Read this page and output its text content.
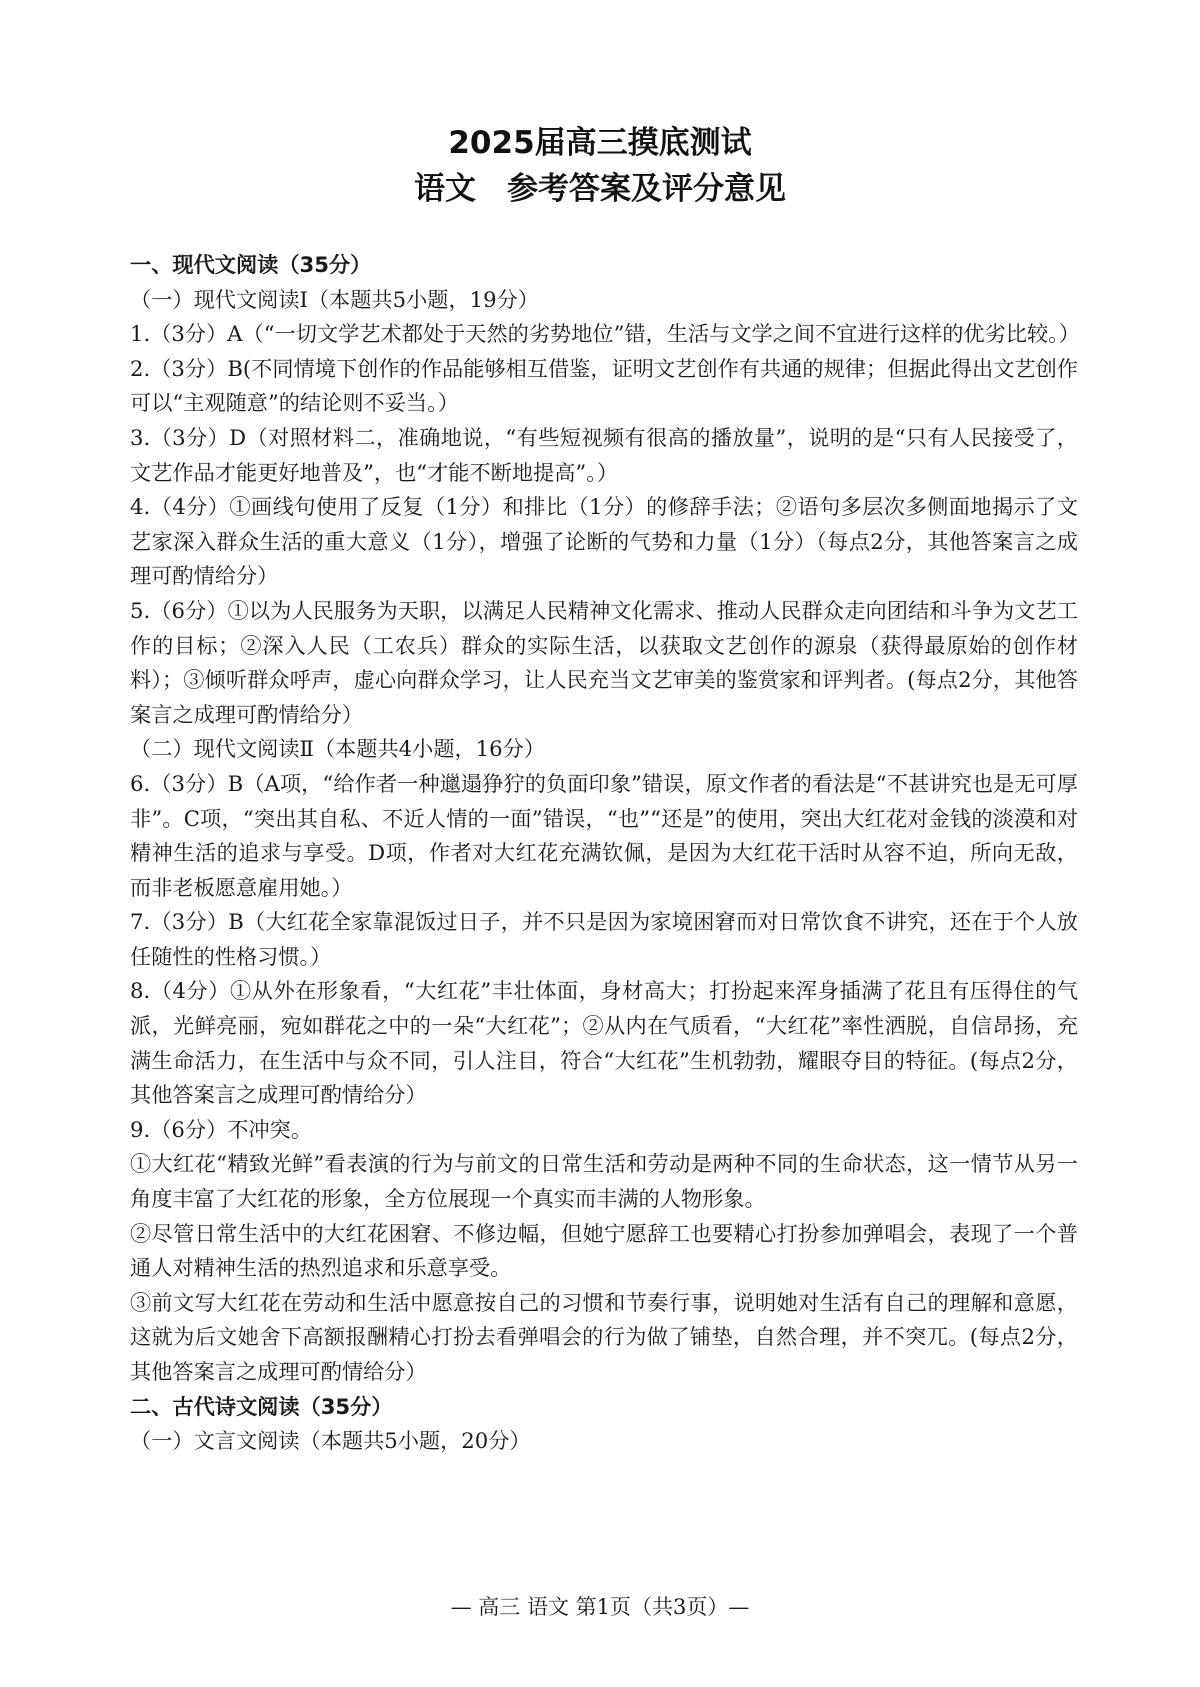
2025届高三摸底测试
语文　参考答案及评分意见

一、现代文阅读（35分）

（一）现代文阅读Ⅰ（本题共5小题，19分）

1.（3分）A（“一切文学艺术都处于天然的劣势地位”错，生活与文学之间不宜进行这样的优劣比较。）

2.（3分）B(不同情境下创作的作品能够相互借鉴，证明文艺创作有共通的规律；但据此得出文艺创作可以“主观随意”的结论则不妥当。）

3.（3分）D（对照材料二，准确地说，“有些短视频有很高的播放量”，说明的是“只有人民接受了，文艺作品才能更好地普及”，也“才能不断地提高”。）

4.（4分）①画线句使用了反复（1分）和排比（1分）的修辞手法；②语句多层次多侧面地揭示了文艺家深入群众生活的重大意义（1分），增强了论断的气势和力量（1分）（每点2分，其他答案言之成理可酌情给分）

5.（6分）①以为人民服务为天职，以满足人民精神文化需求、推动人民群众走向团结和斗争为文艺工作的目标；②深入人民（工农兵）群众的实际生活，以获取文艺创作的源泉（获得最原始的创作材料）；③倾听群众呼声，虚心向群众学习，让人民充当文艺审美的鉴赏家和评判者。(每点2分，其他答案言之成理可酌情给分）

（二）现代文阅读Ⅱ（本题共4小题，16分）

6.（3分）B（A项，“给作者一种邋遢狰狞的负面印象”错误，原文作者的看法是“不甚讲究也是无可厚非”。C项，“突出其自私、不近人情的一面”错误，“也”“还是”的使用，突出大红花对金钱的淡漠和对精神生活的追求与享受。D项，作者对大红花充满钦佩，是因为大红花干活时从容不迫，所向无敌，而非老板愿意雇用她。）

7.（3分）B（大红花全家靠混饭过日子，并不只是因为家境困窘而对日常饮食不讲究，还在于个人放任随性的性格习惯。）

8.（4分）①从外在形象看，“大红花”丰壮体面，身材高大；打扮起来浑身插满了花且有压得住的气派，光鲜亮丽，宛如群花之中的一朵“大红花”；②从内在气质看，“大红花”率性洒脱，自信昂扬，充满生命活力，在生活中与众不同，引人注目，符合“大红花”生机勃勃，耀眼夺目的特征。(每点2分，其他答案言之成理可酌情给分）

9.（6分）不冲突。

①大红花“精致光鲜”看表演的行为与前文的日常生活和劳动是两种不同的生命状态，这一情节从另一角度丰富了大红花的形象，全方位展现一个真实而丰满的人物形象。

②尽管日常生活中的大红花困窘、不修边幅，但她宁愿辞工也要精心打扮参加弹唱会，表现了一个普通人对精神生活的热烈追求和乐意享受。

③前文写大红花在劳动和生活中愿意按自己的习惯和节奏行事，说明她对生活有自己的理解和意愿，这就为后文她舍下高额报酬精心打扮去看弹唱会的行为做了铺垫，自然合理，并不突兀。(每点2分，其他答案言之成理可酌情给分）

二、古代诗文阅读（35分）

（一）文言文阅读（本题共5小题，20分）

— 高三 语文 第1页（共3页）—
